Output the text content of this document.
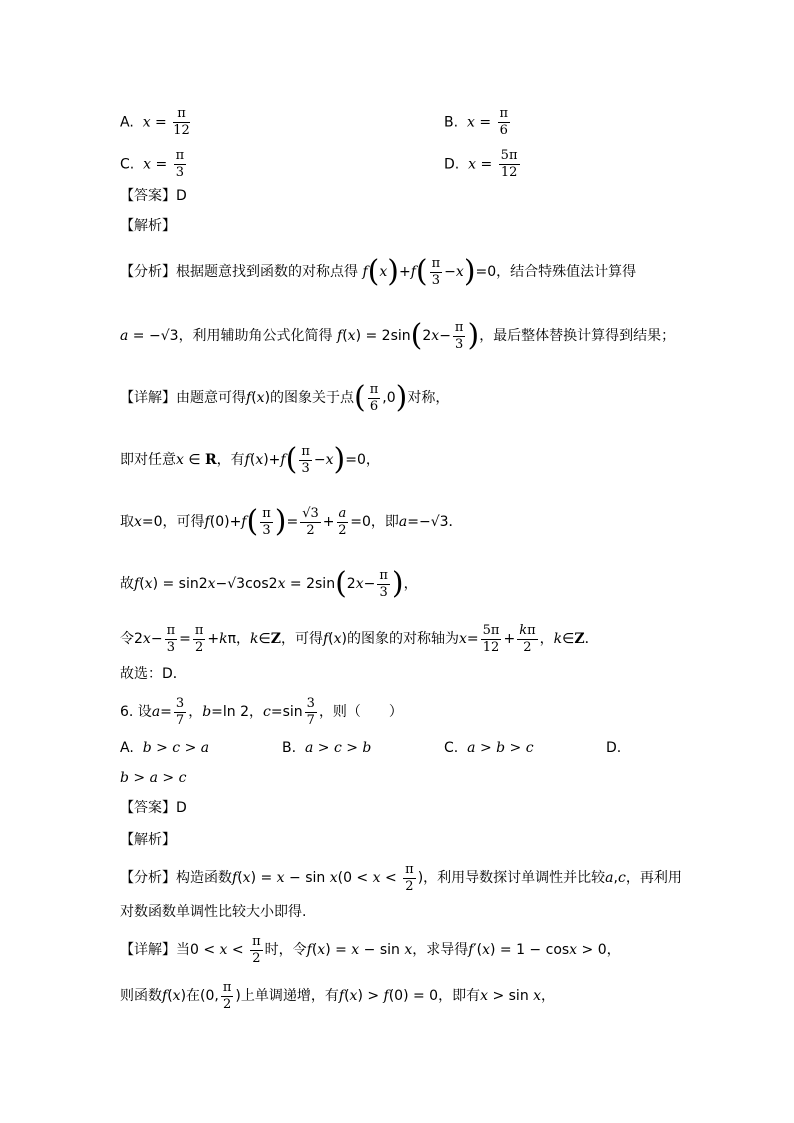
A. $x = \frac{\pi}{12}$	B. $x = \frac{\pi}{6}$
C. $x = \frac{\pi}{3}$	D. $x = \frac{5\pi}{12}$
【答案】D
【解析】
【分析】根据题意找到函数的对称点得 $f(x)+f( \frac{\pi}{3} -x)=0$，结合特殊值法计算得
a = −√3，利用辅助角公式化简得 $f(x) = 2\sin(2x- \frac{\pi}{3}$ )，最后整体替换计算得到结果；
【详解】由题意可得f(x)的图象关于点( $\frac{\pi}{6} ,0$)对称，
即对任意x ∈ R，有$f(x)+f( \frac{\pi}{3} -x)=0$，
取x=0，可得$f(0)+f( \frac{\pi}{3}$ )= $\frac{√3}{2} + \frac{a}{2} =0$，即a=−√3．
故$f(x) = \sin 2x-√3\cos 2x = 2\sin(2x- \frac{\pi}{3}$ )，
令$2x- \frac{\pi}{3} = \frac{\pi}{2} +k\pi$，k∈Z，可得f(x)的图象的对称轴为$x= \frac{5\pi}{12} + \frac{k\pi}{2}$ ，k∈Z．
故选：D．
6. 设$a= \frac{3}{7}$ ，b=ln 2，$c=\sin \frac{3}{7}$ ，则（　　）
A. b > c > a	B. a > c > b	C. a > b > c	D.
b > a > c
【答案】D
【解析】
【分析】构造函数$f(x) = x - \sin x(0 < x < \frac{\pi}{2}$ )，利用导数探讨单调性并比较a,c，再利用
对数函数单调性比较大小即得.
【详解】当$0 < x < \frac{\pi}{2}$ 时，令f(x) = x − sin x，求导得f′(x) = 1 − cosx > 0，
则函数f(x)在(0, $\frac{\pi}{2}$ )上单调递增，有f(x) > f(0) = 0，即有x > sin x，
